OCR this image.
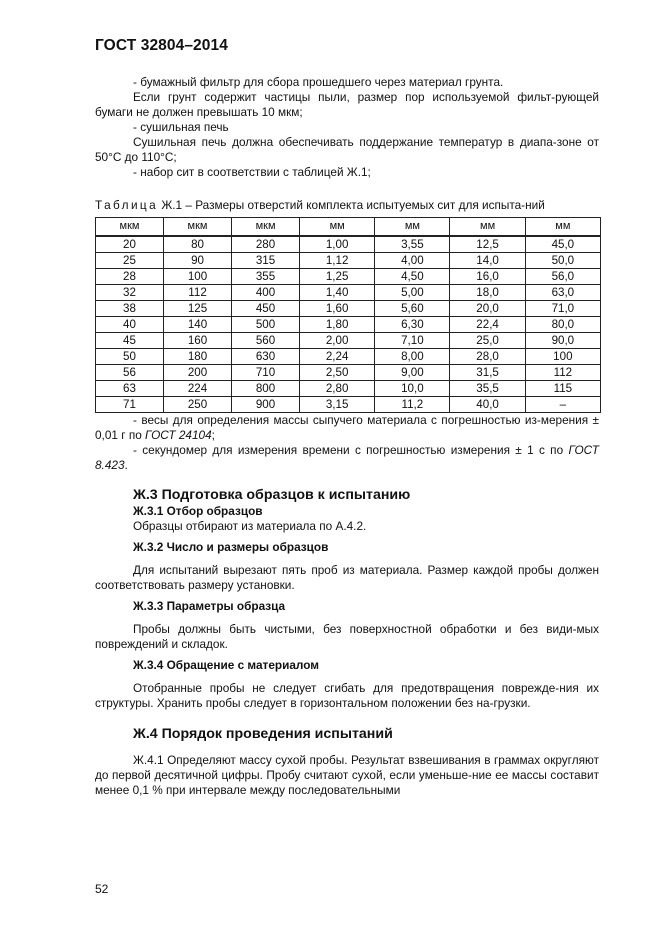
ГОСТ 32804–2014

- бумажный фильтр для сбора прошедшего через материал грунта.

Если грунт содержит частицы пыли, размер пор используемой фильт-рующей бумаги не должен превышать 10 мкм;

- сушильная печь

Сушильная печь должна обеспечивать поддержание температур в диапа-зоне от 50°С до 110°С;

- набор сит в соответствии с таблицей Ж.1;

Таблица Ж.1 – Размеры отверстий комплекта испытуемых сит для испыта-ний

мкм	мкм	мкм	мм	мм	мм	мм
20	80	280	1,00	3,55	12,5	45,0
25	90	315	1,12	4,00	14,0	50,0
28	100	355	1,25	4,50	16,0	56,0
32	112	400	1,40	5,00	18,0	63,0
38	125	450	1,60	5,60	20,0	71,0
40	140	500	1,80	6,30	22,4	80,0
45	160	560	2,00	7,10	25,0	90,0
50	180	630	2,24	8,00	28,0	100
56	200	710	2,50	9,00	31,5	112
63	224	800	2,80	10,0	35,5	115
71	250	900	3,15	11,2	40,0	–

- весы для определения массы сыпучего материала с погрешностью из-мерения ± 0,01 г по ГОСТ 24104;

- секундомер для измерения времени с погрешностью измерения ± 1 с по ГОСТ 8.423.

Ж.3 Подготовка образцов к испытанию

Ж.3.1 Отбор образцов

Образцы отбирают из материала по А.4.2.

Ж.3.2 Число и размеры образцов

Для испытаний вырезают пять проб из материала. Размер каждой пробы должен соответствовать размеру установки.

Ж.3.3 Параметры образца

Пробы должны быть чистыми, без поверхностной обработки и без види-мых повреждений и складок.

Ж.3.4 Обращение с материалом

Отобранные пробы не следует сгибать для предотвращения поврежде-ния их структуры. Хранить пробы следует в горизонтальном положении без на-грузки.

Ж.4 Порядок проведения испытаний

Ж.4.1 Определяют массу сухой пробы. Результат взвешивания в граммах округляют до первой десятичной цифры. Пробу считают сухой, если уменьше-ние ее массы составит менее 0,1 % при интервале между последовательными

52
